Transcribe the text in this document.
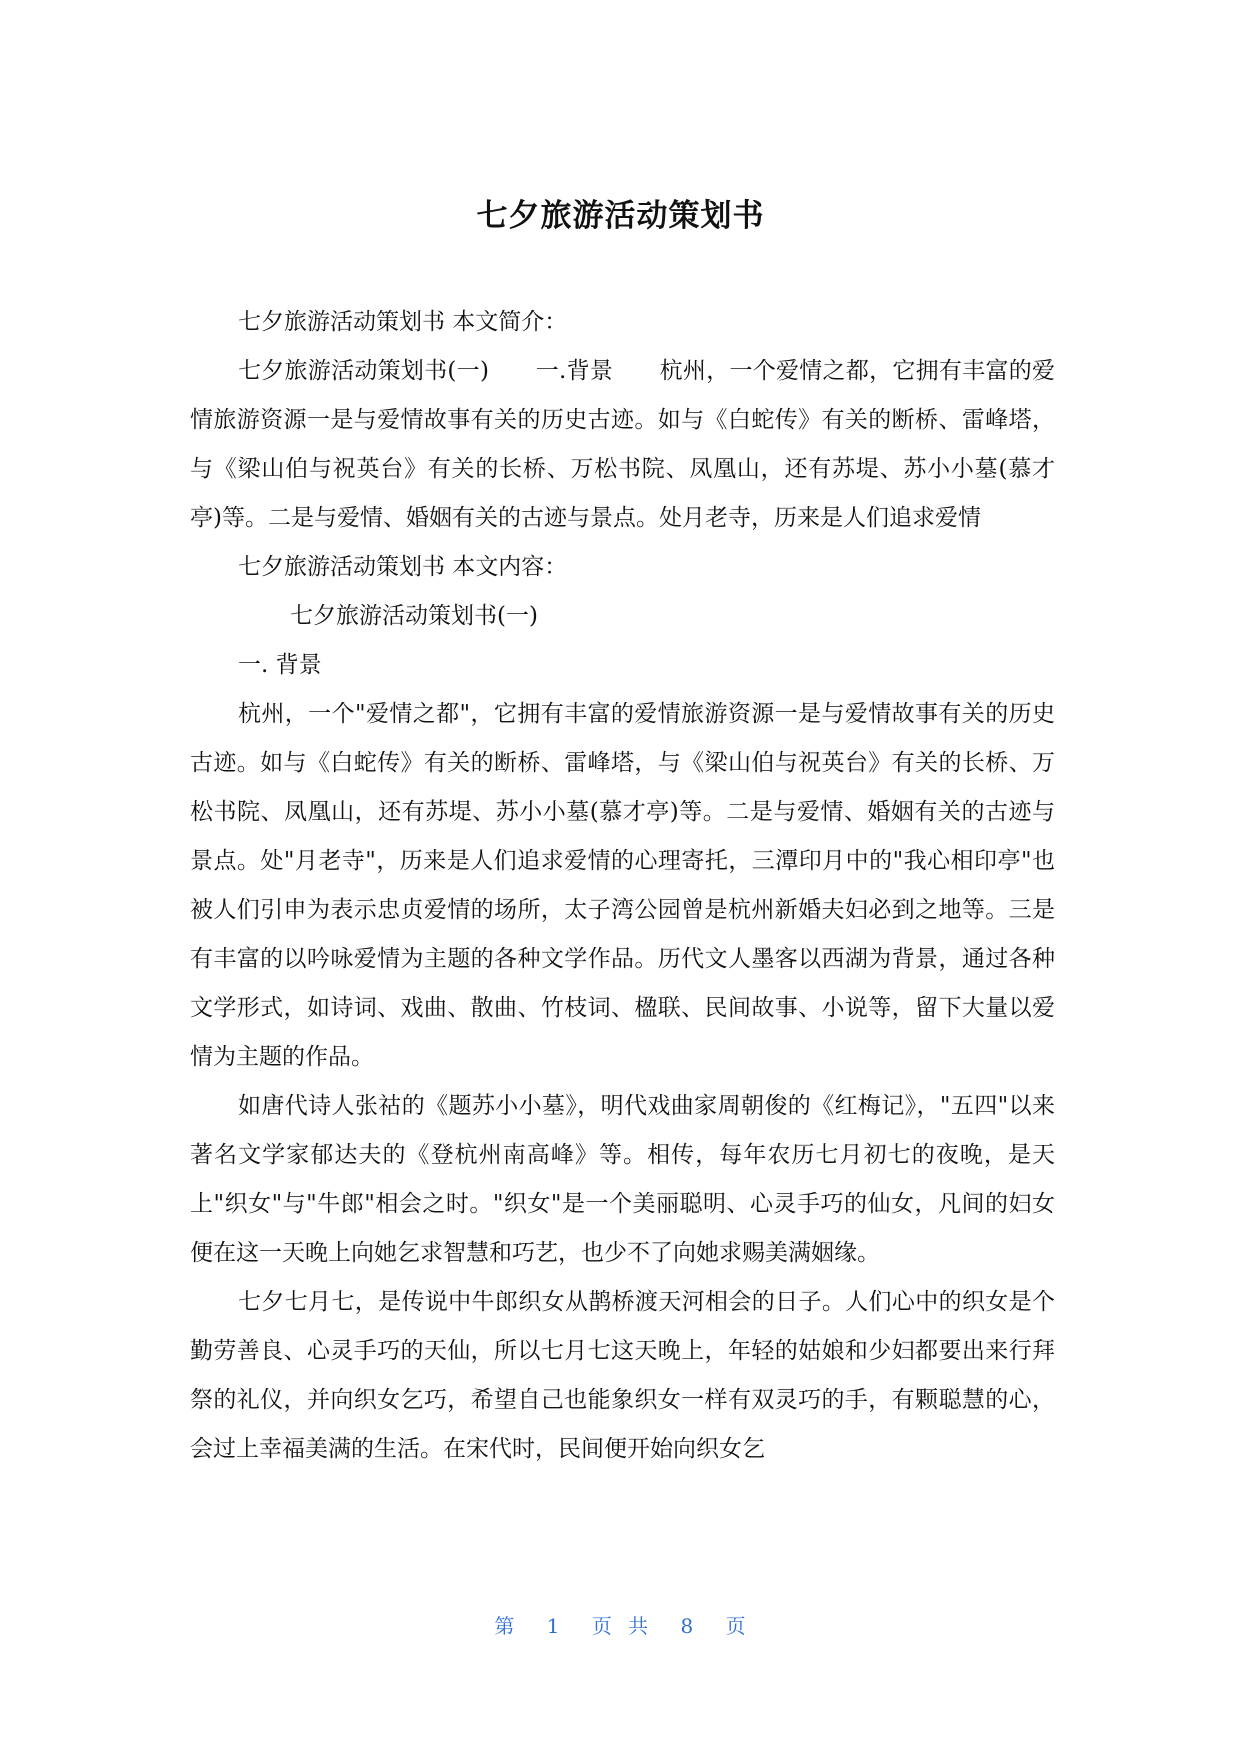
七夕旅游活动策划书

七夕旅游活动策划书 本文简介：

七夕旅游活动策划书(一)　　一.背景　　杭州，一个爱情之都，它拥有丰富的爱情旅游资源一是与爱情故事有关的历史古迹。如与《白蛇传》有关的断桥、雷峰塔，与《梁山伯与祝英台》有关的长桥、万松书院、凤凰山，还有苏堤、苏小小墓(慕才亭)等。二是与爱情、婚姻有关的古迹与景点。处月老寺，历来是人们追求爱情

七夕旅游活动策划书 本文内容：

七夕旅游活动策划书(一)

一. 背景

杭州，一个"爱情之都"，它拥有丰富的爱情旅游资源一是与爱情故事有关的历史古迹。如与《白蛇传》有关的断桥、雷峰塔，与《梁山伯与祝英台》有关的长桥、万松书院、凤凰山，还有苏堤、苏小小墓(慕才亭)等。二是与爱情、婚姻有关的古迹与景点。处"月老寺"，历来是人们追求爱情的心理寄托，三潭印月中的"我心相印亭"也被人们引申为表示忠贞爱情的场所，太子湾公园曾是杭州新婚夫妇必到之地等。三是有丰富的以吟咏爱情为主题的各种文学作品。历代文人墨客以西湖为背景，通过各种文学形式，如诗词、戏曲、散曲、竹枝词、楹联、民间故事、小说等，留下大量以爱情为主题的作品。

如唐代诗人张祜的《题苏小小墓》，明代戏曲家周朝俊的《红梅记》，"五四"以来著名文学家郁达夫的《登杭州南高峰》等。相传，每年农历七月初七的夜晚，是天上"织女"与"牛郎"相会之时。"织女"是一个美丽聪明、心灵手巧的仙女，凡间的妇女便在这一天晚上向她乞求智慧和巧艺，也少不了向她求赐美满姻缘。

七夕七月七，是传说中牛郎织女从鹊桥渡天河相会的日子。人们心中的织女是个勤劳善良、心灵手巧的天仙，所以七月七这天晚上，年轻的姑娘和少妇都要出来行拜祭的礼仪，并向织女乞巧，希望自己也能象织女一样有双灵巧的手，有颗聪慧的心，会过上幸福美满的生活。在宋代时，民间便开始向织女乞

第 1 页 共 8 页
